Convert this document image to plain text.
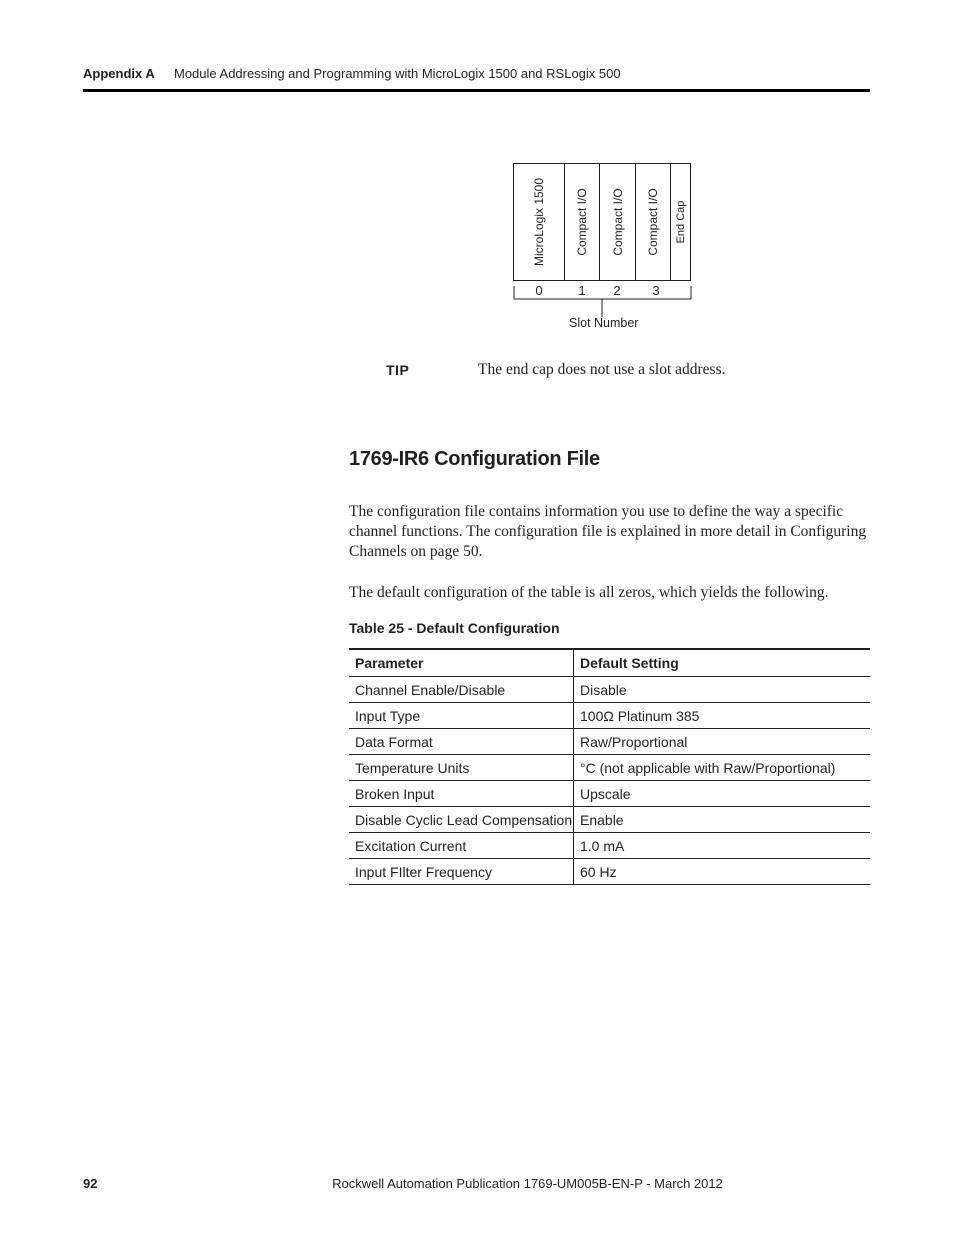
Appendix A Module Addressing and Programming with MicroLogix 1500 and RSLogix 500
MicroLogix 1500 Compact I/O Compact I/O Compact I/O End Cap
0	1	2	3
Slot Number
TIP	The end cap does not use a slot address.
1769-IR6 Configuration File
The configuration file contains information you use to define the way a specific channel functions. The configuration file is explained in more detail in Configuring Channels on page 50.
The default configuration of the table is all zeros, which yields the following.
Table 25 - Default Configuration
Parameter	Default Setting
Channel Enable/Disable	Disable
Input Type	100Ω Platinum 385
Data Format	Raw/Proportional
Temperature Units	°C (not applicable with Raw/Proportional)
Broken Input	Upscale
Disable Cyclic Lead Compensation	Enable
Excitation Current	1.0 mA
Input FIlter Frequency	60 Hz
92	Rockwell Automation Publication 1769-UM005B-EN-P - March 2012
